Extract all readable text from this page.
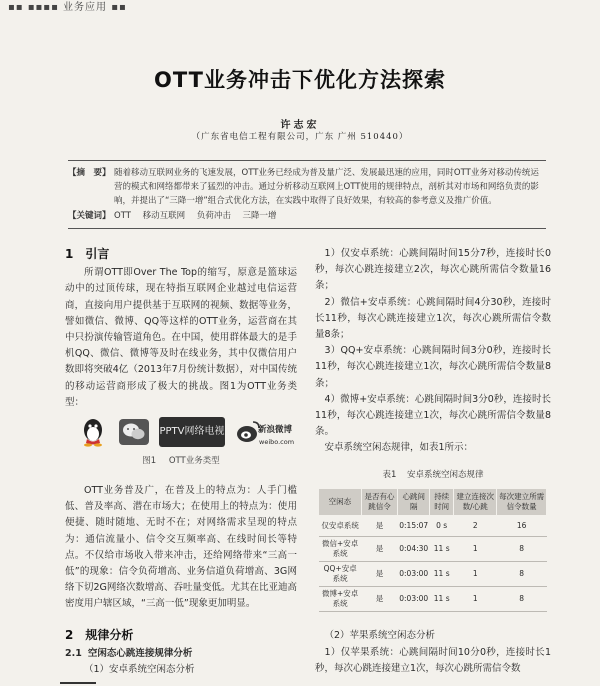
▪▪ ▪▪▪▪ 业务应用 ▪▪
OTT业务冲击下优化方法探索
许志宏
（广东省电信工程有限公司，广东 广州 510440）
【摘　要】 随着移动互联网业务的飞速发展，OTT业务已经成为普及量广泛、发展最迅速的应用，同时OTT业务对移动传统运营的模式和网络都带来了猛烈的冲击。通过分析移动互联网上OTT使用的规律特点，剖析其对市场和网络负责的影响，并提出了“三降一增”组合式优化方法，在实践中取得了良好效果，有较高的参考意义及推广价值。
【关键词】 OTT 移动互联网 负荷冲击 三降一增
1 引言

所谓OTT即Over The Top的缩写，原意是篮球运动中的过顶传球，现在特指互联网企业越过电信运营商，直接向用户提供基于互联网的视频、数据等业务，譬如微信、微博、QQ等这样的OTT业务，运营商在其中只扮演传输管道角色。在中国，使用群体最大的是手机QQ、微信、微博等及时在线业务，其中仅微信用户数即将突破4亿（2013年7月份统计数据），对中国传统的移动运营商形成了极大的挑战。图1为OTT业务类型：

PPTV网络电视	新浪微博
weibo.com
图1 OTT业务类型

OTT业务普及广，在普及上的特点为：人手门槛低、普及率高、潜在市场大；在使用上的特点为：使用便捷、随时随地、无时不在；对网络需求呈现的特点为：通信流量小、信令交互频率高、在线时间长等特点。不仅给市场收入带来冲击，还给网络带来“三高一低”的现象：信令负荷增高、业务信道负荷增高、3G网络下切2G网络次数增高、吞吐量变低。尤其在比亚迪高密度用户辖区域，“三高一低”现象更加明显。

2 规律分析
2.1 空闲态心跳连接规律分析
（1）安卓系统空闲态分析

1）仅安卓系统：心跳间隔时间15分7秒，连接时长0秒，每次心跳连接建立2次，每次心跳所需信令数量16条；

2）微信+安卓系统：心跳间隔时间4分30秒，连接时长11秒，每次心跳连接建立1次，每次心跳所需信令数量8条；

3）QQ+安卓系统：心跳间隔时间3分0秒，连接时长11秒，每次心跳连接建立1次，每次心跳所需信令数量8条；

4）微博+安卓系统：心跳间隔时间3分0秒，连接时长11秒，每次心跳连接建立1次，每次心跳所需信令数量8条。

安卓系统空闲态规律，如表1所示：

表1 安卓系统空闲态规律
空闲态	是否有心跳信令	心跳间隔	持续时间	建立连接次数/心跳	每次建立所需信令数量
仅安卓系统	是	0:15:07	0 s	2	16
微信+安卓系统	是	0:04:30	11 s	1	8
QQ+安卓系统	是	0:03:00	11 s	1	8
微博+安卓系统	是	0:03:00	11 s	1	8
（2）苹果系统空闲态分析

1）仅苹果系统：心跳间隔时间10分0秒，连接时长1秒，每次心跳连接建立1次，每次心跳所需信令数
